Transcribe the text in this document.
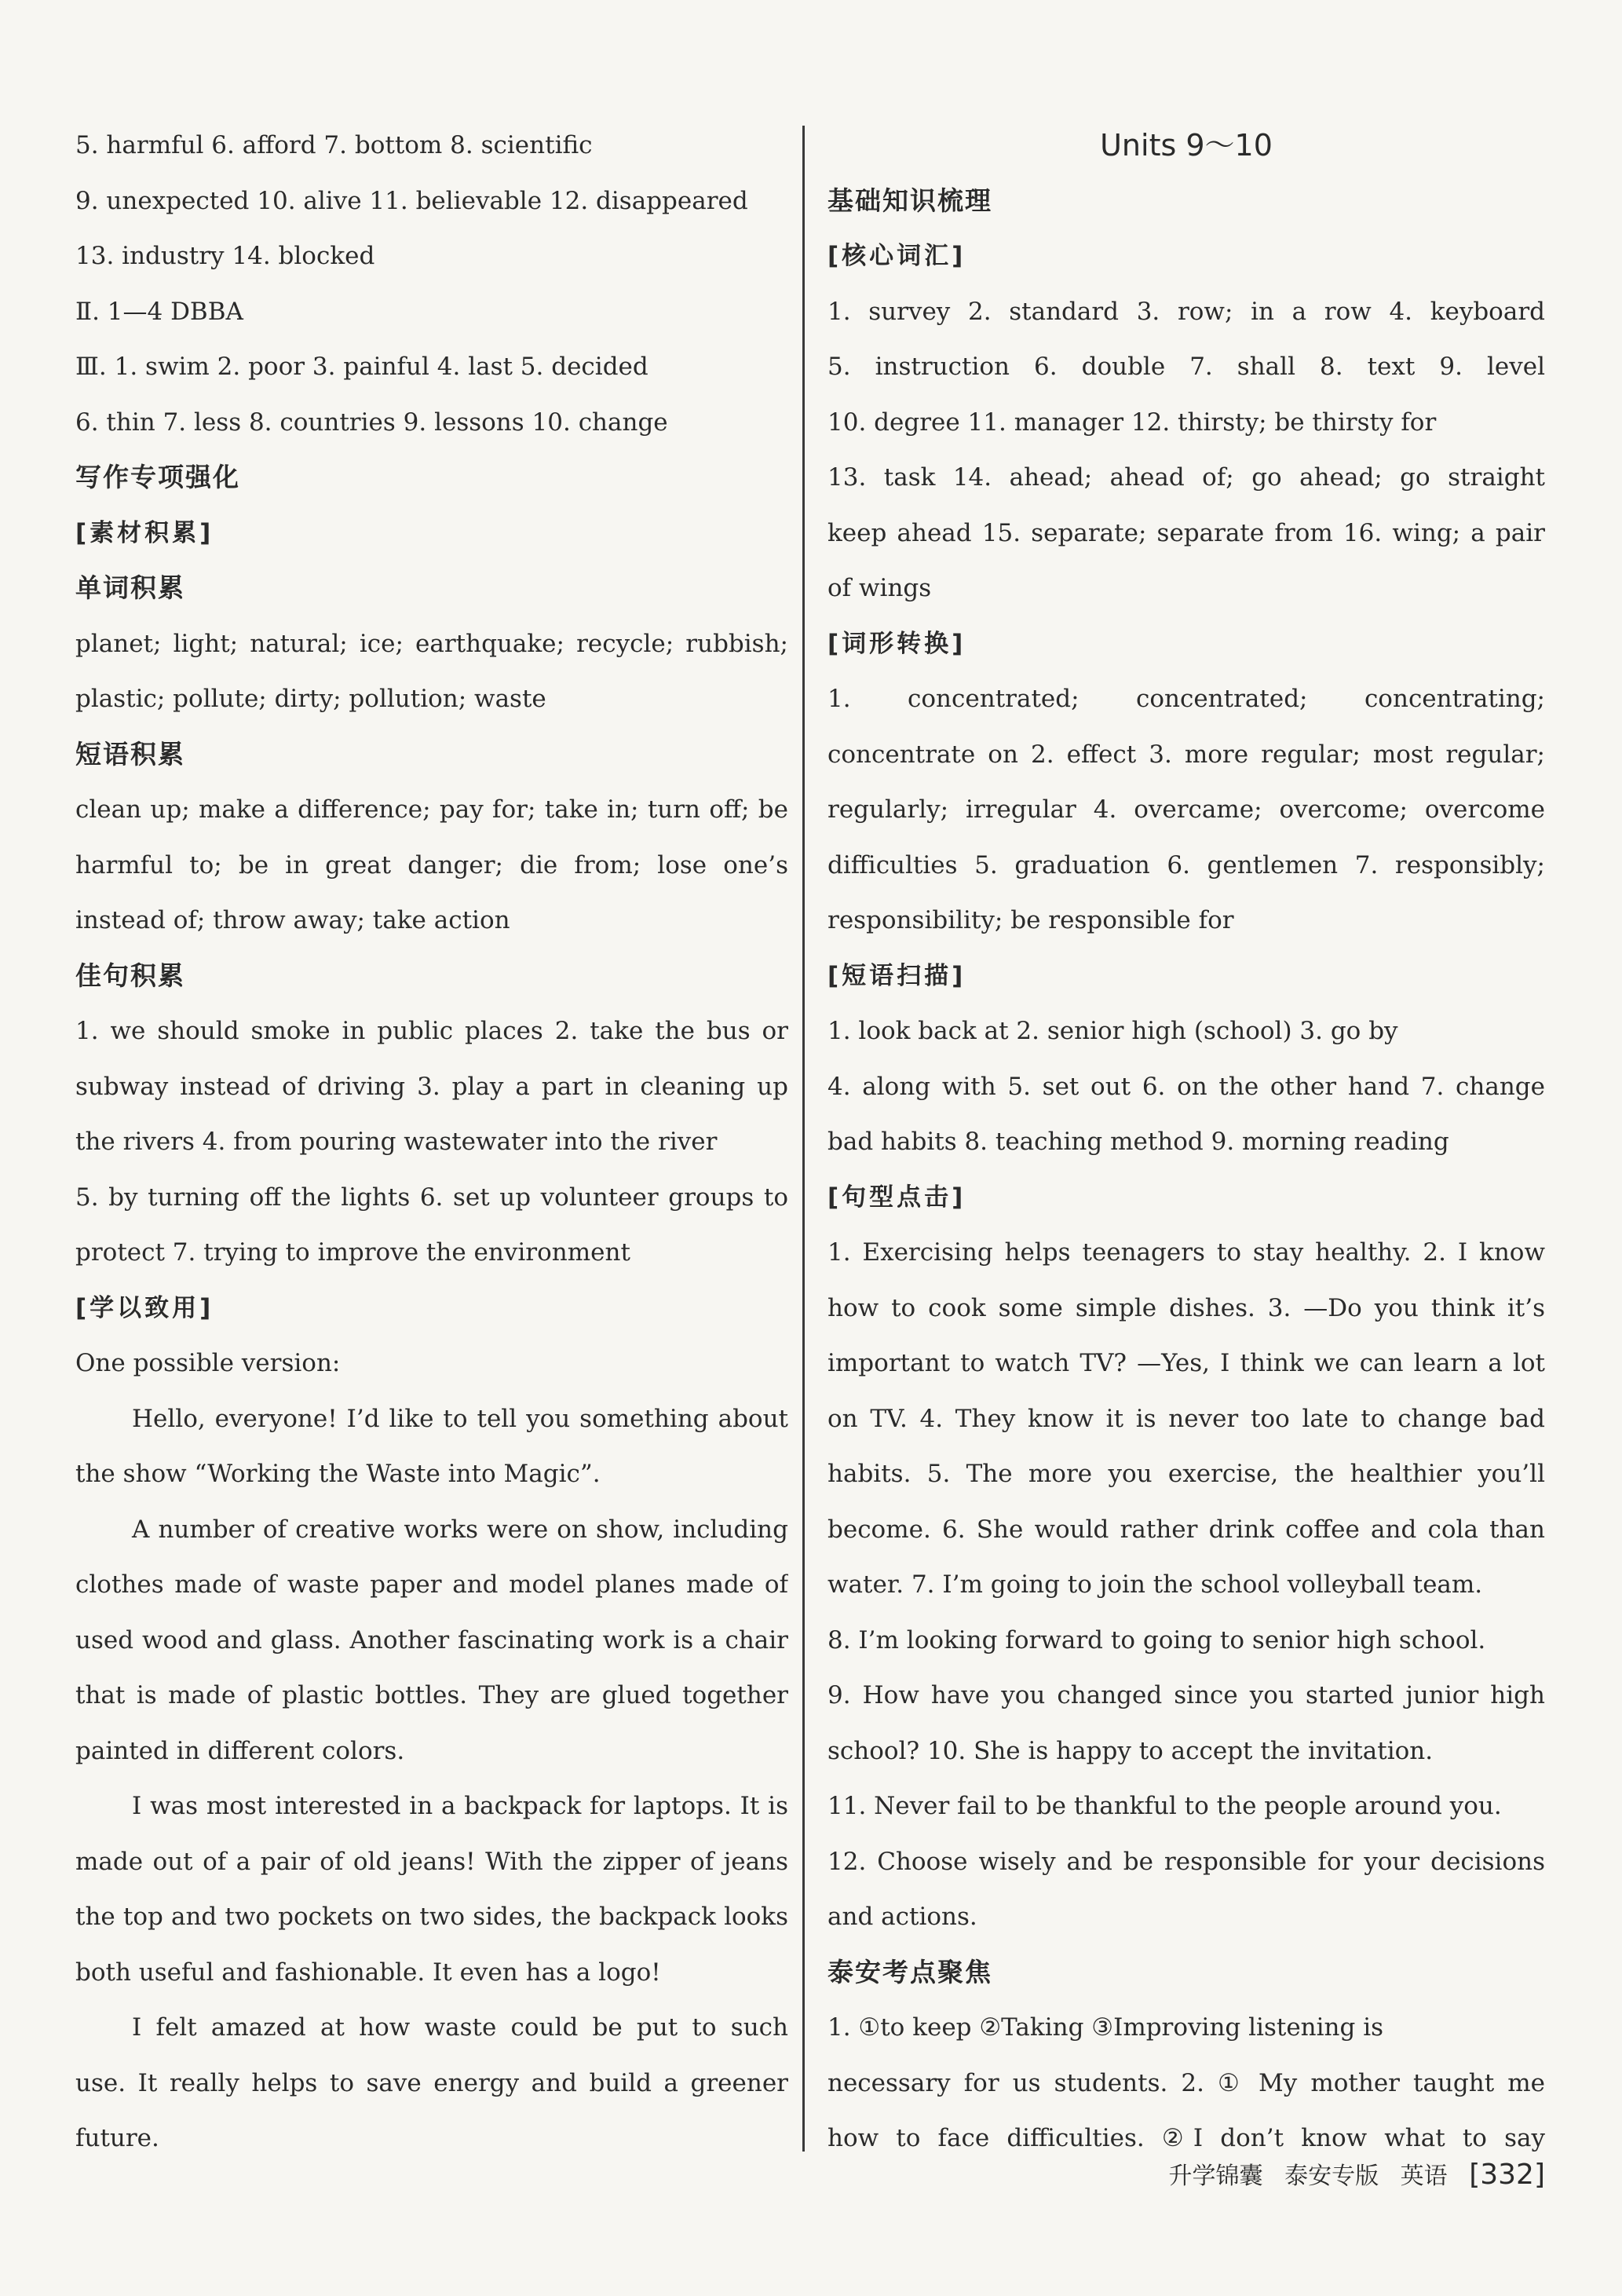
5. harmful 6. afford 7. bottom 8. scientific
9. unexpected 10. alive 11. believable 12. disappeared
13. industry 14. blocked
Ⅱ. 1—4 DBBA
Ⅲ. 1. swim 2. poor 3. painful 4. last 5. decided
6. thin 7. less 8. countries 9. lessons 10. change
写作专项强化
[素材积累]
单词积累
planet; light; natural; ice; earthquake; recycle; rubbish;
plastic; pollute; dirty; pollution; waste
短语积累
clean up; make a difference; pay for; take in; turn off; be
harmful to; be in great danger; die from; lose one’s
instead of; throw away; take action
佳句积累
1. we should smoke in public places 2. take the bus or
subway instead of driving 3. play a part in cleaning up
the rivers 4. from pouring wastewater into the river
5. by turning off the lights 6. set up volunteer groups to
protect 7. trying to improve the environment
[学以致用]
One possible version:
Hello, everyone! I’d like to tell you something about
the show “Working the Waste into Magic”.
A number of creative works were on show, including
clothes made of waste paper and model planes made of
used wood and glass. Another fascinating work is a chair
that is made of plastic bottles. They are glued together
painted in different colors.
I was most interested in a backpack for laptops. It is
made out of a pair of old jeans! With the zipper of jeans
the top and two pockets on two sides, the backpack looks
both useful and fashionable. It even has a logo!
I felt amazed at how waste could be put to such
use. It really helps to save energy and build a greener
future.
Units 9～10
基础知识梳理
[核心词汇]
1. survey 2. standard 3. row; in a row 4. keyboard
5. instruction 6. double 7. shall 8. text 9. level
10. degree 11. manager 12. thirsty; be thirsty for
13. task 14. ahead; ahead of; go ahead; go straight
keep ahead 15. separate; separate from 16. wing; a pair
of wings
[词形转换]
1. concentrated; concentrated; concentrating;
concentrate on 2. effect 3. more regular; most regular;
regularly; irregular 4. overcame; overcome; overcome
difficulties 5. graduation 6. gentlemen 7. responsibly;
responsibility; be responsible for
[短语扫描]
1. look back at 2. senior high (school) 3. go by
4. along with 5. set out 6. on the other hand 7. change
bad habits 8. teaching method 9. morning reading
[句型点击]
1. Exercising helps teenagers to stay healthy. 2. I know
how to cook some simple dishes. 3. —Do you think it’s
important to watch TV? —Yes, I think we can learn a lot
on TV. 4. They know it is never too late to change bad
habits. 5. The more you exercise, the healthier you’ll
become. 6. She would rather drink coffee and cola than
water. 7. I’m going to join the school volleyball team.
8. I’m looking forward to going to senior high school.
9. How have you changed since you started junior high
school? 10. She is happy to accept the invitation.
11. Never fail to be thankful to the people around you.
12. Choose wisely and be responsible for your decisions
and actions.
泰安考点聚焦
1. ①to keep ②Taking ③Improving listening is
necessary for us students. 2. ① My mother taught me
how to face difficulties. ②I don’t know what to say
升学锦囊 泰安专版 英语 [332]
